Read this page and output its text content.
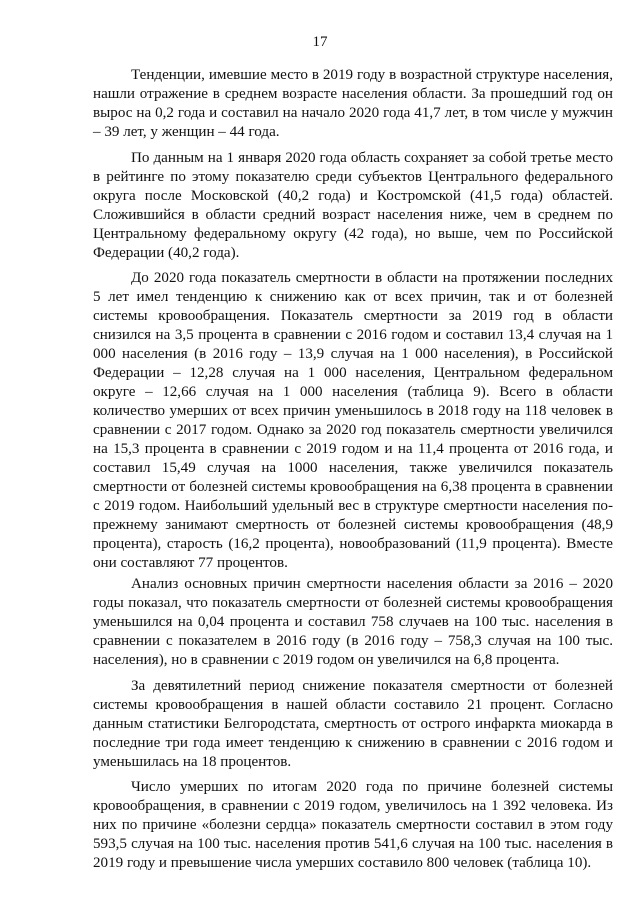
17

Тенденции, имевшие место в 2019 году в возрастной структуре населения, нашли отражение в среднем возрасте населения области. За прошедший год он вырос на 0,2 года и составил на начало 2020 года 41,7 лет, в том числе у мужчин – 39 лет, у женщин – 44 года.

По данным на 1 января 2020 года область сохраняет за собой третье место в рейтинге по этому показателю среди субъектов Центрального федерального округа после Московской (40,2 года) и Костромской (41,5 года) областей. Сложившийся в области средний возраст населения ниже, чем в среднем по Центральному федеральному округу (42 года), но выше, чем по Российской Федерации (40,2 года).

До 2020 года показатель смертности в области на протяжении последних 5 лет имел тенденцию к снижению как от всех причин, так и от болезней системы кровообращения. Показатель смертности за 2019 год в области снизился на 3,5 процента в сравнении с 2016 годом и составил 13,4 случая на 1 000 населения (в 2016 году – 13,9 случая на 1 000 населения), в Российской Федерации – 12,28 случая на 1 000 населения, Центральном федеральном округе – 12,66 случая на 1 000 населения (таблица 9). Всего в области количество умерших от всех причин уменьшилось в 2018 году на 118 человек в сравнении с 2017 годом. Однако за 2020 год показатель смертности увеличился на 15,3 процента в сравнении с 2019 годом и на 11,4 процента от 2016 года, и составил 15,49 случая на 1000 населения, также увеличился показатель смертности от болезней системы кровообращения на 6,38 процента в сравнении с 2019 годом. Наибольший удельный вес в структуре смертности населения по-прежнему занимают смертность от болезней системы кровообращения (48,9 процента), старость (16,2 процента), новообразований (11,9 процента). Вместе они составляют 77 процентов.

Анализ основных причин смертности населения области за 2016 – 2020 годы показал, что показатель смертности от болезней системы кровообращения уменьшился на 0,04 процента и составил 758 случаев на 100 тыс. населения в сравнении с показателем в 2016 году (в 2016 году – 758,3 случая на 100 тыс. населения), но в сравнении с 2019 годом он увеличился на 6,8 процента.

За девятилетний период снижение показателя смертности от болезней системы кровообращения в нашей области составило 21 процент. Согласно данным статистики Белгородстата, смертность от острого инфаркта миокарда в последние три года имеет тенденцию к снижению в сравнении с 2016 годом и уменьшилась на 18 процентов.

Число умерших по итогам 2020 года по причине болезней системы кровообращения, в сравнении с 2019 годом, увеличилось на 1 392 человека. Из них по причине «болезни сердца» показатель смертности составил в этом году 593,5 случая на 100 тыс. населения против 541,6 случая на 100 тыс. населения в 2019 году и превышение числа умерших составило 800 человек (таблица 10).
